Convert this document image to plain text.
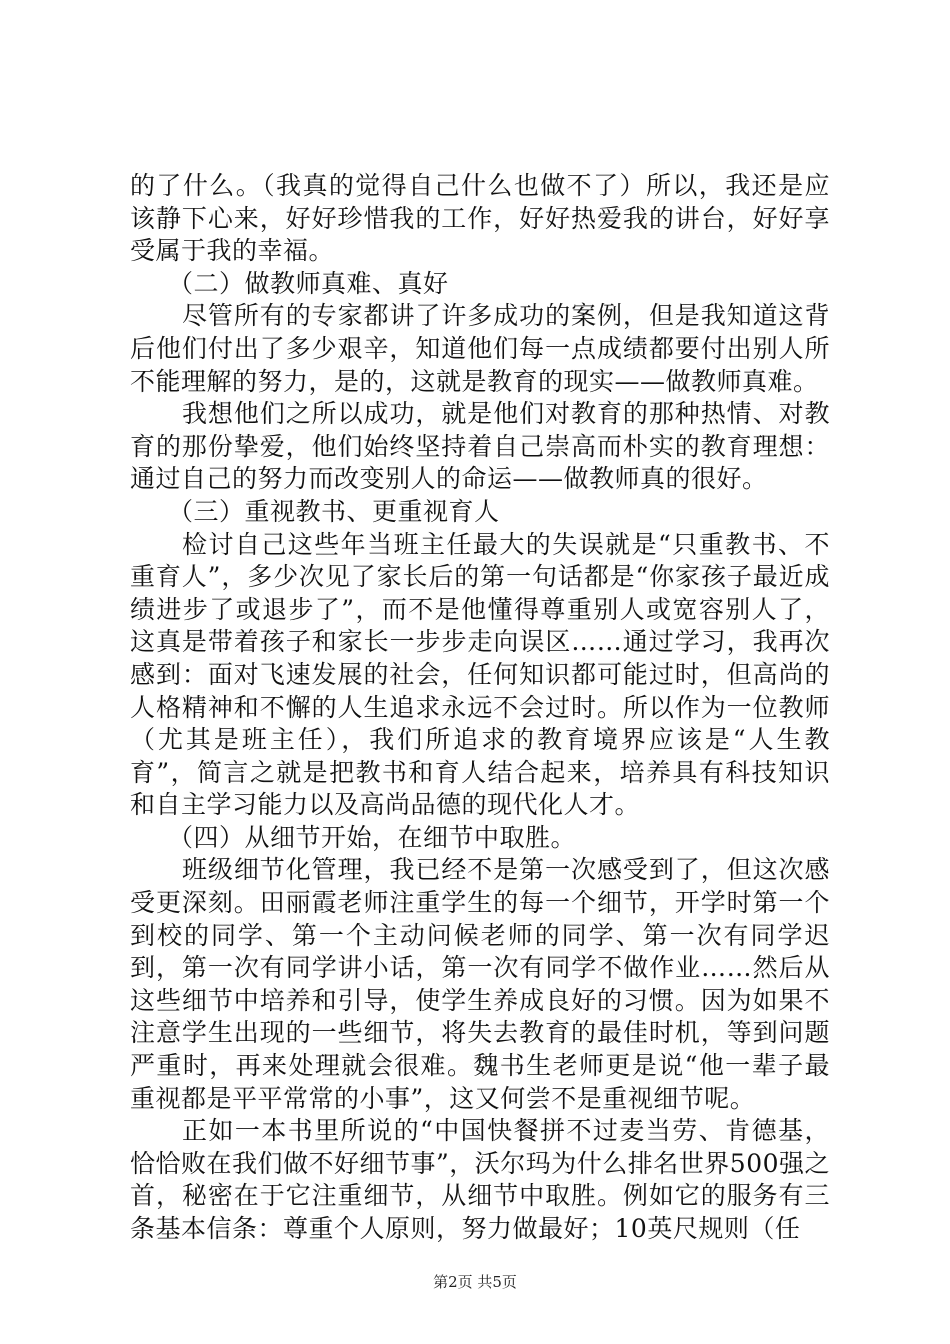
的了什么。（我真的觉得自己什么也做不了）所以，我还是应该静下心来，好好珍惜我的工作，好好热爱我的讲台，好好享受属于我的幸福。

（二）做教师真难、真好

尽管所有的专家都讲了许多成功的案例，但是我知道这背后他们付出了多少艰辛，知道他们每一点成绩都要付出别人所不能理解的努力，是的，这就是教育的现实——做教师真难。

我想他们之所以成功，就是他们对教育的那种热情、对教育的那份挚爱，他们始终坚持着自己崇高而朴实的教育理想：通过自己的努力而改变别人的命运——做教师真的很好。

（三）重视教书、更重视育人

检讨自己这些年当班主任最大的失误就是“只重教书、不重育人”，多少次见了家长后的第一句话都是“你家孩子最近成绩进步了或退步了”，而不是他懂得尊重别人或宽容别人了，这真是带着孩子和家长一步步走向误区……通过学习，我再次感到：面对飞速发展的社会，任何知识都可能过时，但高尚的人格精神和不懈的人生追求永远不会过时。所以作为一位教师（尤其是班主任），我们所追求的教育境界应该是“人生教育”，简言之就是把教书和育人结合起来，培养具有科技知识和自主学习能力以及高尚品德的现代化人才。

（四）从细节开始，在细节中取胜。

班级细节化管理，我已经不是第一次感受到了，但这次感受更深刻。田丽霞老师注重学生的每一个细节，开学时第一个到校的同学、第一个主动问候老师的同学、第一次有同学迟到，第一次有同学讲小话，第一次有同学不做作业……然后从这些细节中培养和引导，使学生养成良好的习惯。因为如果不注意学生出现的一些细节，将失去教育的最佳时机，等到问题严重时，再来处理就会很难。魏书生老师更是说“他一辈子最重视都是平平常常的小事”，这又何尝不是重视细节呢。

正如一本书里所说的“中国快餐拼不过麦当劳、肯德基，恰恰败在我们做不好细节事”，沃尔玛为什么排名世界500强之首，秘密在于它注重细节，从细节中取胜。例如它的服务有三条基本信条：尊重个人原则，努力做最好；10英尺规则（任

第2页 共5页
